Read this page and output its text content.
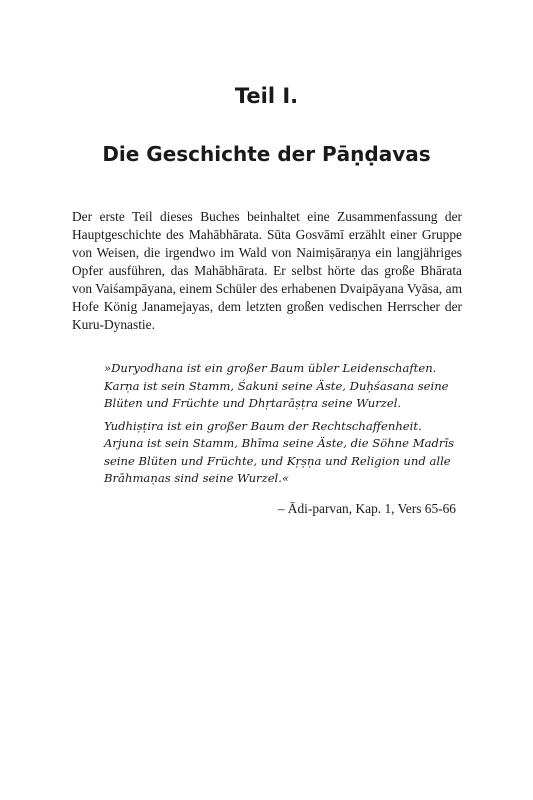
Teil I.
Die Geschichte der Pāṇḍavas

Der erste Teil dieses Buches beinhaltet eine Zusammenfassung der Hauptgeschichte des Mahābhārata. Sūta Gosvāmī erzählt einer Gruppe von Weisen, die irgendwo im Wald von Naimiṣāraṇya ein langjähriges Opfer ausführen, das Mahābhārata. Er selbst hörte das große Bhārata von Vaiśampāyana, einem Schüler des erhabenen Dvaipāyana Vyāsa, am Hofe König Janamejayas, dem letzten großen vedischen Herrscher der Kuru-Dynastie.

»Duryodhana ist ein großer Baum übler Leidenschaften. Karṇa ist sein Stamm, Śakuni seine Äste, Duḥśasana seine Blüten und Früchte und Dhṛtarāṣṭra seine Wurzel.

Yudhiṣṭira ist ein großer Baum der Rechtschaffenheit. Arjuna ist sein Stamm, Bhīma seine Äste, die Söhne Madrīs seine Blüten und Früchte, und Kṛṣṇa und Religion und alle Brāhmaṇas sind seine Wurzel.«

– Ādi-parvan, Kap. 1, Vers 65-66
